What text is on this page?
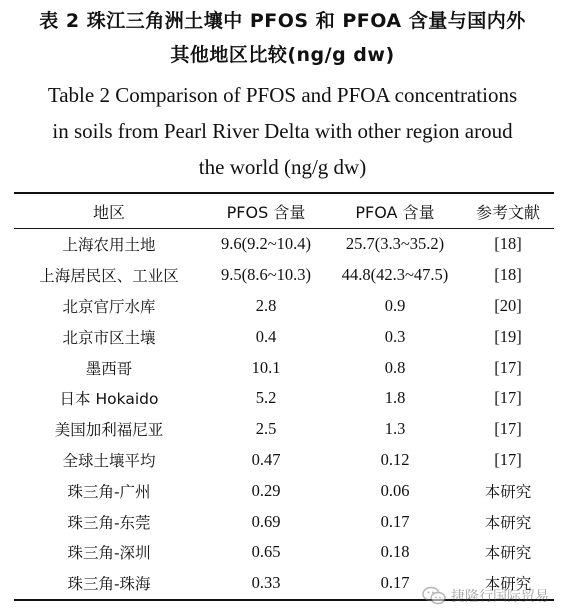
表 2 珠江三角洲土壤中 PFOS 和 PFOA 含量与国内外
其他地区比较(ng/g dw)
Table 2 Comparison of PFOS and PFOA concentrations
in soils from Pearl River Delta with other region aroud
the world (ng/g dw)
地区	PFOS 含量	PFOA 含量	参考文献
上海农用土地	9.6(9.2~10.4)	25.7(3.3~35.2)	[18]
上海居民区、工业区	9.5(8.6~10.3)	44.8(42.3~47.5)	[18]
北京官厅水库	2.8	0.9	[20]
北京市区土壤	0.4	0.3	[19]
墨西哥	10.1	0.8	[17]
日本 Hokaido	5.2	1.8	[17]
美国加利福尼亚	2.5	1.3	[17]
全球土壤平均	0.47	0.12	[17]
珠三角-广州	0.29	0.06	本研究
珠三角-东莞	0.69	0.17	本研究
珠三角-深圳	0.65	0.18	本研究
珠三角-珠海	0.33	0.17	本研究
捷隆行国际贸易
